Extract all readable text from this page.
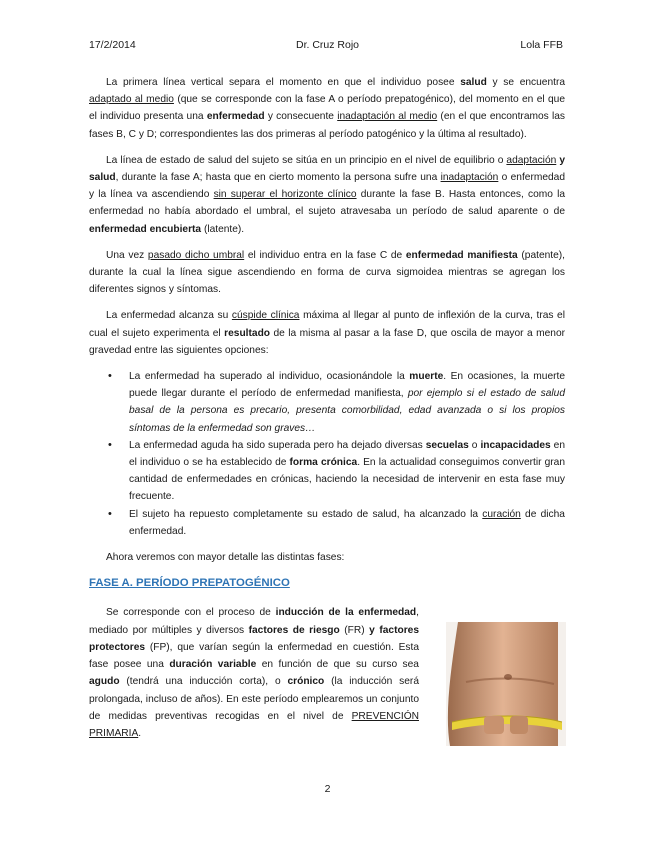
17/2/2014	Dr. Cruz Rojo	Lola FFB

La primera línea vertical separa el momento en que el individuo posee salud y se encuentra adaptado al medio (que se corresponde con la fase A o período prepatogénico), del momento en el que el individuo presenta una enfermedad y consecuente inadaptación al medio (en el que encontramos las fases B, C y D; correspondientes las dos primeras al período patogénico y la última al resultado).

La línea de estado de salud del sujeto se sitúa en un principio en el nivel de equilibrio o adaptación y salud, durante la fase A; hasta que en cierto momento la persona sufre una inadaptación o enfermedad y la línea va ascendiendo sin superar el horizonte clínico durante la fase B. Hasta entonces, como la enfermedad no había abordado el umbral, el sujeto atravesaba un período de salud aparente o de enfermedad encubierta (latente).

Una vez pasado dicho umbral el individuo entra en la fase C de enfermedad manifiesta (patente), durante la cual la línea sigue ascendiendo en forma de curva sigmoidea mientras se agregan los diferentes signos y síntomas.

La enfermedad alcanza su cúspide clínica máxima al llegar al punto de inflexión de la curva, tras el cual el sujeto experimenta el resultado de la misma al pasar a la fase D, que oscila de mayor a menor gravedad entre las siguientes opciones:

• La enfermedad ha superado al individuo, ocasionándole la muerte. En ocasiones, la muerte puede llegar durante el período de enfermedad manifiesta, por ejemplo si el estado de salud basal de la persona es precario, presenta comorbilidad, edad avanzada o si los propios síntomas de la enfermedad son graves…
• La enfermedad aguda ha sido superada pero ha dejado diversas secuelas o incapacidades en el individuo o se ha establecido de forma crónica. En la actualidad conseguimos convertir gran cantidad de enfermedades en crónicas, haciendo la necesidad de intervenir en esta fase muy frecuente.
• El sujeto ha repuesto completamente su estado de salud, ha alcanzado la curación de dicha enfermedad.

Ahora veremos con mayor detalle las distintas fases:

FASE A. PERÍODO PREPATOGÉNICO

Se corresponde con el proceso de inducción de la enfermedad, mediado por múltiples y diversos factores de riesgo (FR) y factores protectores (FP), que varían según la enfermedad en cuestión. Esta fase posee una duración variable en función de que su curso sea agudo (tendrá una inducción corta), o crónico (la inducción será prolongada, incluso de años). En este período emplearemos un conjunto de medidas preventivas recogidas en el nivel de PREVENCIÓN PRIMARIA.

2
